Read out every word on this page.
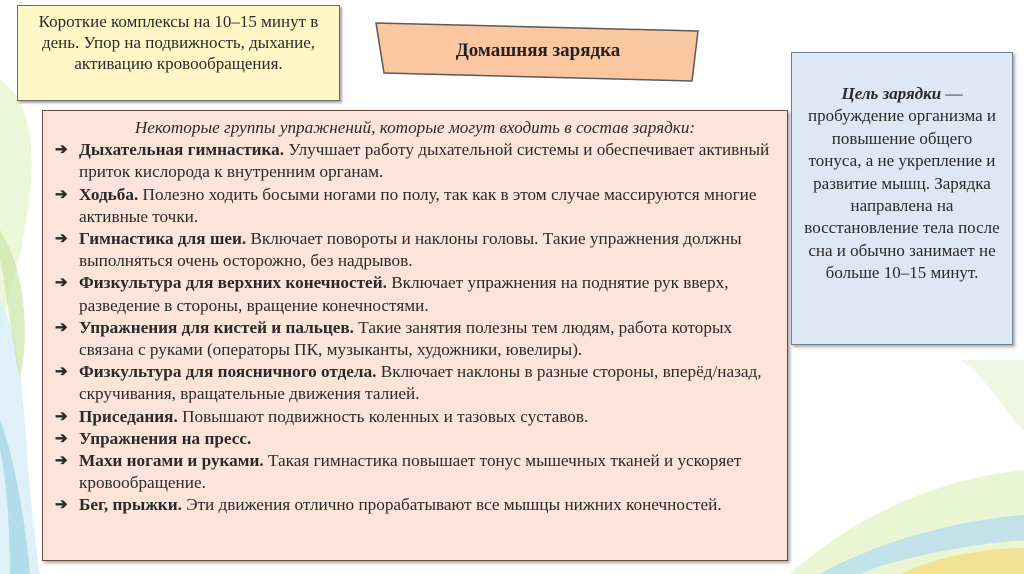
Короткие комплексы на 10–15 минут в день. Упор на подвижность, дыхание, активацию кровообращения.
Домашняя зарядка
Некоторые группы упражнений, которые могут входить в состав зарядки:
➔ Дыхательная гимнастика. Улучшает работу дыхательной системы и обеспечивает активный приток кислорода к внутренним органам.
➔ Ходьба. Полезно ходить босыми ногами по полу, так как в этом случае массируются многие активные точки.
➔ Гимнастика для шеи. Включает повороты и наклоны головы. Такие упражнения должны выполняться очень осторожно, без надрывов.
➔ Физкультура для верхних конечностей. Включает упражнения на поднятие рук вверх, разведение в стороны, вращение конечностями.
➔ Упражнения для кистей и пальцев. Такие занятия полезны тем людям, работа которых связана с руками (операторы ПК, музыканты, художники, ювелиры).
➔ Физкультура для поясничного отдела. Включает наклоны в разные стороны, вперёд/назад, скручивания, вращательные движения талией.
➔ Приседания. Повышают подвижность коленных и тазовых суставов.
➔ Упражнения на пресс.
➔ Махи ногами и руками. Такая гимнастика повышает тонус мышечных тканей и ускоряет кровообращение.
➔ Бег, прыжки. Эти движения отлично прорабатывают все мышцы нижних конечностей.
Цель зарядки — пробуждение организма и повышение общего тонуса, а не укрепление и развитие мышц. Зарядка направлена на восстановление тела после сна и обычно занимает не больше 10–15 минут.
